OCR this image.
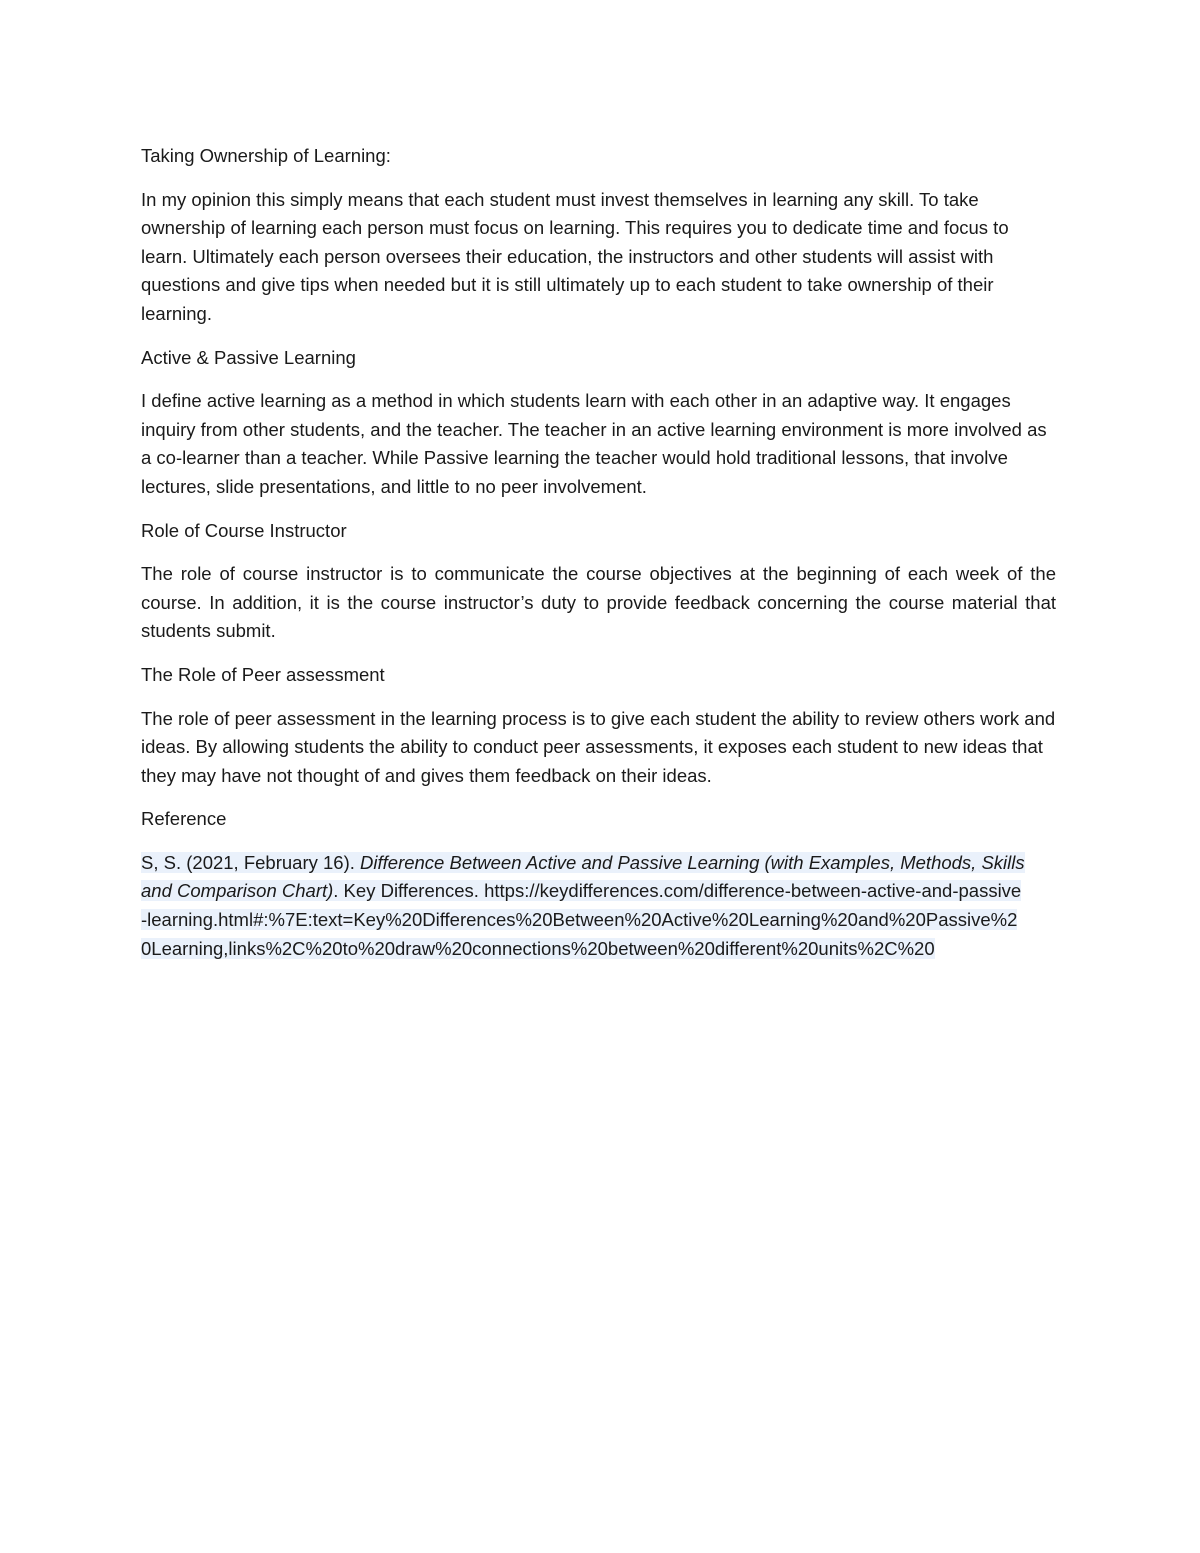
Taking Ownership of Learning:

In my opinion this simply means that each student must invest themselves in learning any skill. To take ownership of learning each person must focus on learning. This requires you to dedicate time and focus to learn. Ultimately each person oversees their education, the instructors and other students will assist with questions and give tips when needed but it is still ultimately up to each student to take ownership of their learning.

Active & Passive Learning

I define active learning as a method in which students learn with each other in an adaptive way. It engages inquiry from other students, and the teacher. The teacher in an active learning environment is more involved as a co-learner than a teacher. While Passive learning the teacher would hold traditional lessons, that involve lectures, slide presentations, and little to no peer involvement.

Role of Course Instructor

The role of course instructor is to communicate the course objectives at the beginning of each week of the course. In addition, it is the course instructor’s duty to provide feedback concerning the course material that students submit.

The Role of Peer assessment

The role of peer assessment in the learning process is to give each student the ability to review others work and ideas. By allowing students the ability to conduct peer assessments, it exposes each student to new ideas that they may have not thought of and gives them feedback on their ideas.

Reference

S, S. (2021, February 16). Difference Between Active and Passive Learning (with Examples, Methods, Skills and Comparison Chart). Key Differences. https://keydifferences.com/difference-between-active-and-passive-learning.html#:%7E:text=Key%20Differences%20Between%20Active%20Learning%20and%20Passive%20Learning,links%2C%20to%20draw%20connections%20between%20different%20units%2C%20
